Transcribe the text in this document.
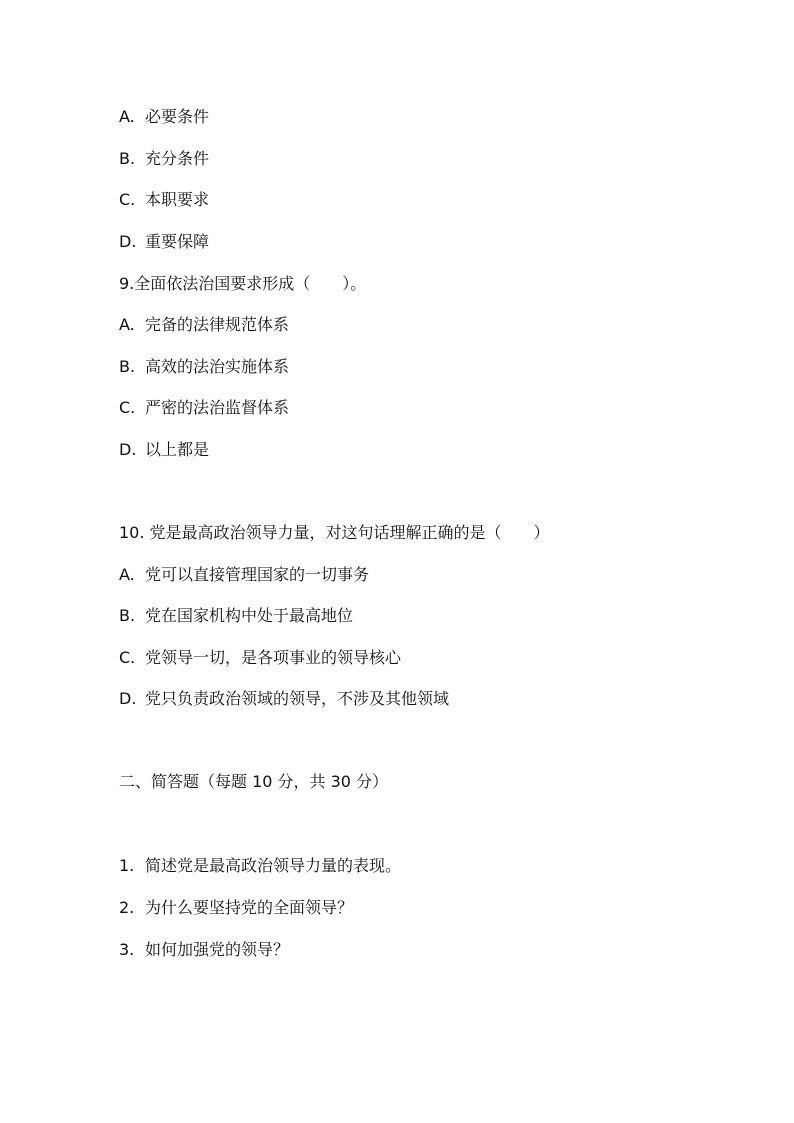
A. 必要条件
B. 充分条件
C. 本职要求
D. 重要保障
9.全面依法治国要求形成（　　）。
A. 完备的法律规范体系
B. 高效的法治实施体系
C. 严密的法治监督体系
D. 以上都是
10. 党是最高政治领导力量，对这句话理解正确的是（　　）
A. 党可以直接管理国家的一切事务
B. 党在国家机构中处于最高地位
C. 党领导一切，是各项事业的领导核心
D. 党只负责政治领域的领导，不涉及其他领域
二、简答题（每题 10 分，共 30 分）
1. 简述党是最高政治领导力量的表现。
2. 为什么要坚持党的全面领导？
3. 如何加强党的领导？
